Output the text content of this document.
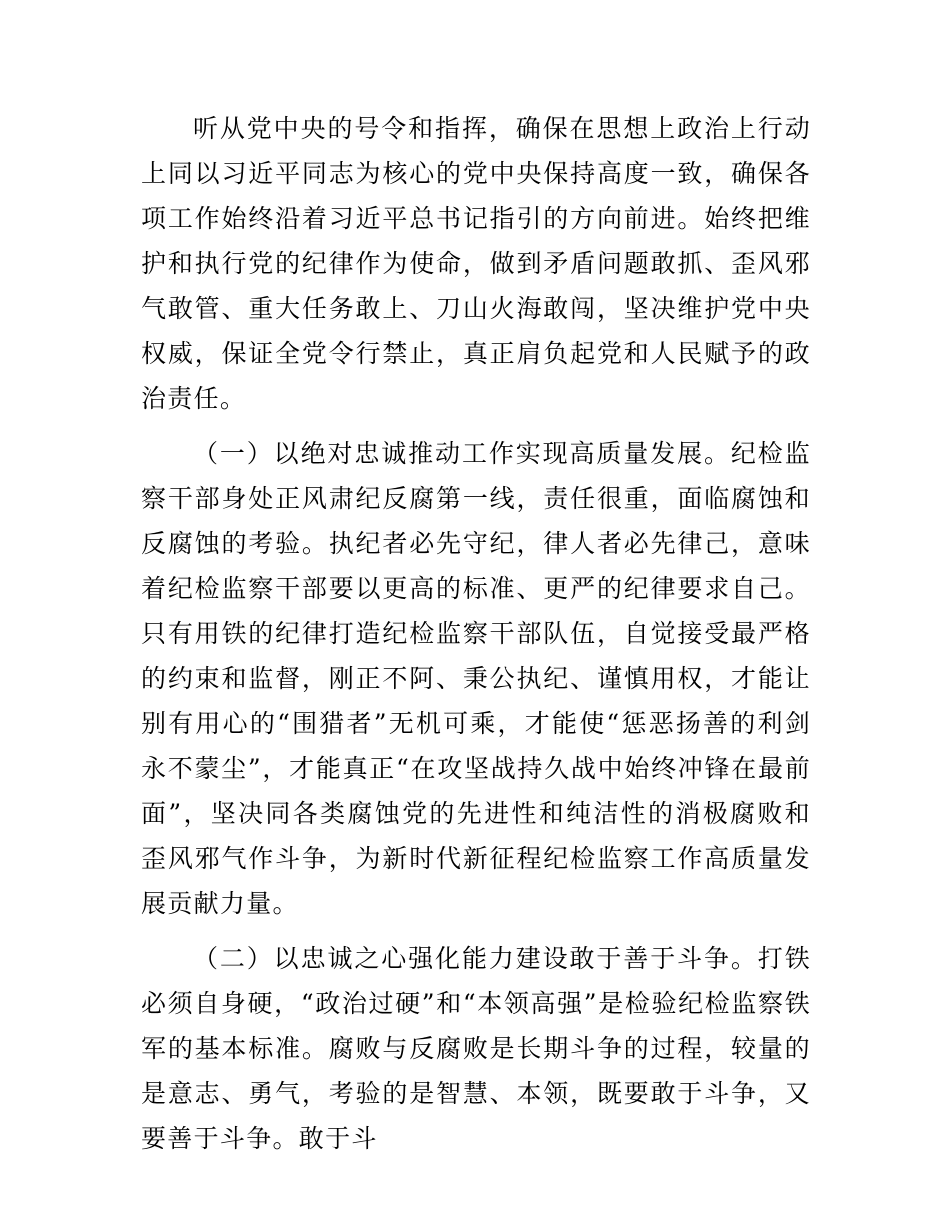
听从党中央的号令和指挥，确保在思想上政治上行动上同以习近平同志为核心的党中央保持高度一致，确保各项工作始终沿着习近平总书记指引的方向前进。始终把维护和执行党的纪律作为使命，做到矛盾问题敢抓、歪风邪气敢管、重大任务敢上、刀山火海敢闯，坚决维护党中央权威，保证全党令行禁止，真正肩负起党和人民赋予的政治责任。

（一）以绝对忠诚推动工作实现高质量发展。纪检监察干部身处正风肃纪反腐第一线，责任很重，面临腐蚀和反腐蚀的考验。执纪者必先守纪，律人者必先律己，意味着纪检监察干部要以更高的标准、更严的纪律要求自己。只有用铁的纪律打造纪检监察干部队伍，自觉接受最严格的约束和监督，刚正不阿、秉公执纪、谨慎用权，才能让别有用心的“围猎者”无机可乘，才能使“惩恶扬善的利剑永不蒙尘”，才能真正“在攻坚战持久战中始终冲锋在最前面”，坚决同各类腐蚀党的先进性和纯洁性的消极腐败和歪风邪气作斗争，为新时代新征程纪检监察工作高质量发展贡献力量。

（二）以忠诚之心强化能力建设敢于善于斗争。打铁必须自身硬，“政治过硬”和“本领高强”是检验纪检监察铁军的基本标准。腐败与反腐败是长期斗争的过程，较量的是意志、勇气，考验的是智慧、本领，既要敢于斗争，又要善于斗争。敢于斗
